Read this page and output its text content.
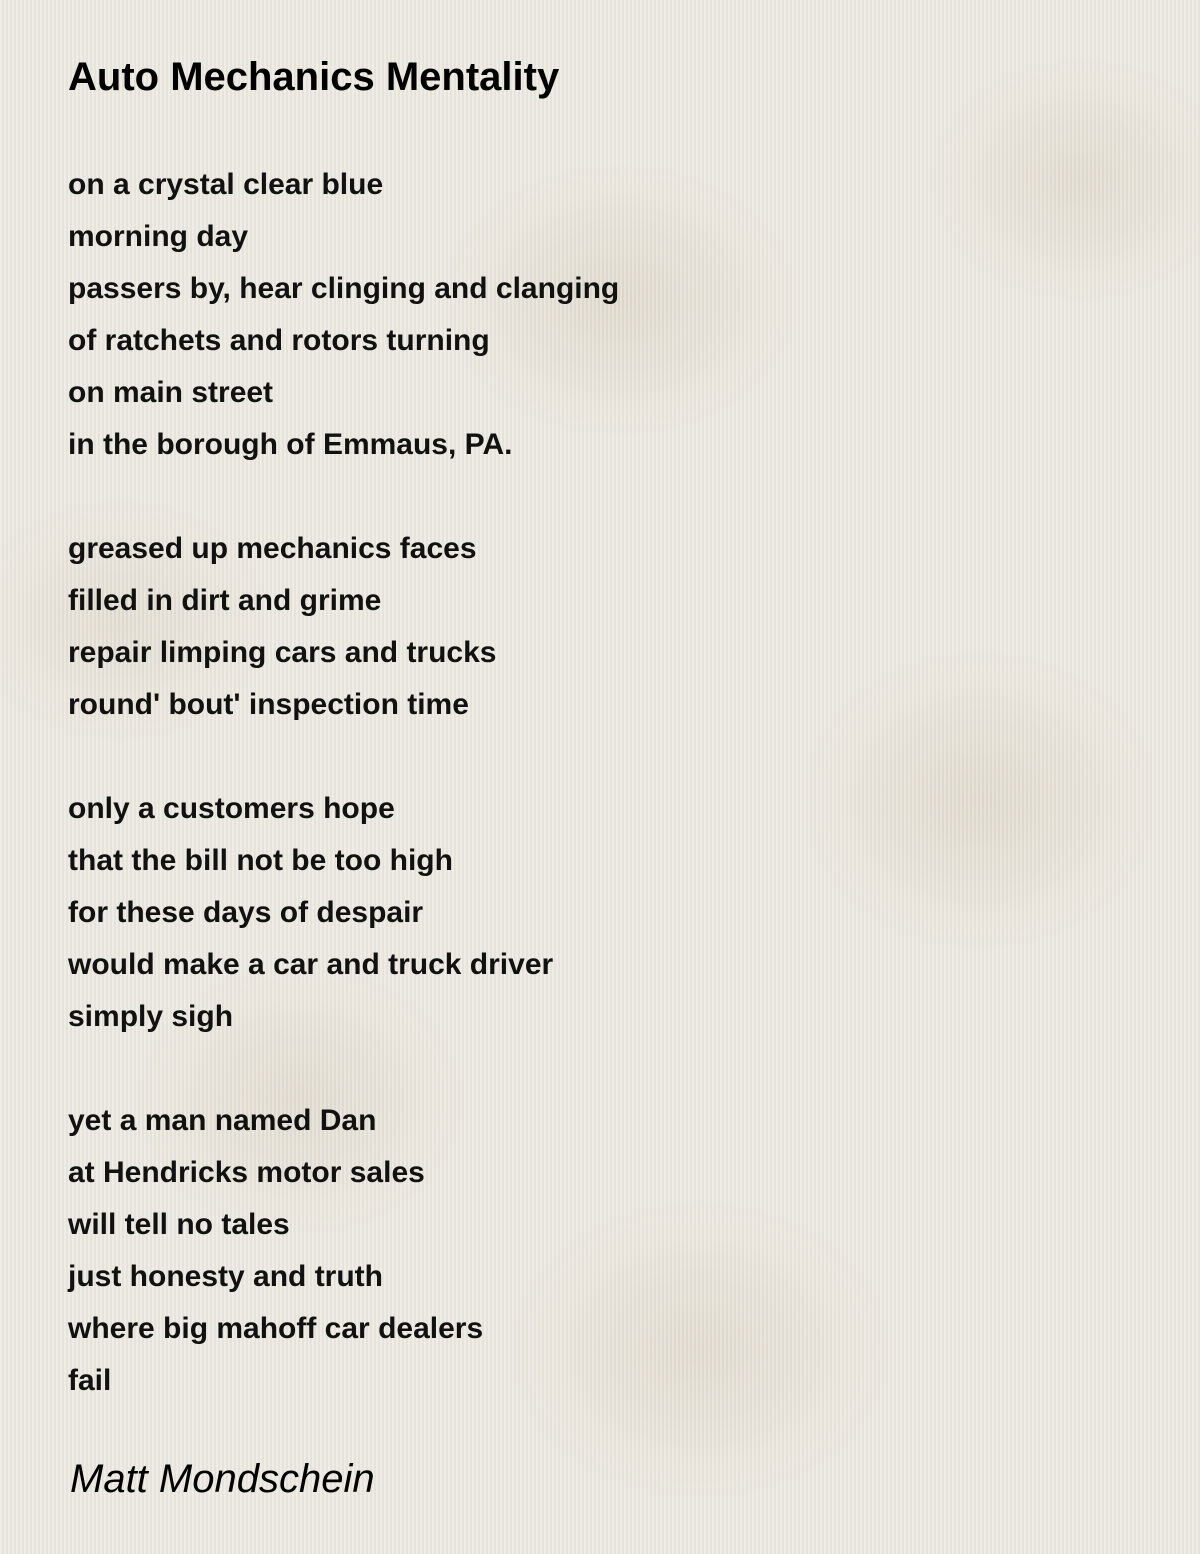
Auto Mechanics Mentality
on a crystal clear blue
morning day
passers by, hear clinging and clanging
of ratchets and rotors turning
on main street
in the borough of Emmaus, PA.
greased up mechanics faces
filled in dirt and grime
repair limping cars and trucks
round' bout' inspection time
only a customers hope
that the bill not be too high
for these days of despair
would make a car and truck driver
simply sigh
yet a man named Dan
at Hendricks motor sales
will tell no tales
just honesty and truth
where big mahoff car dealers
fail
Matt Mondschein
